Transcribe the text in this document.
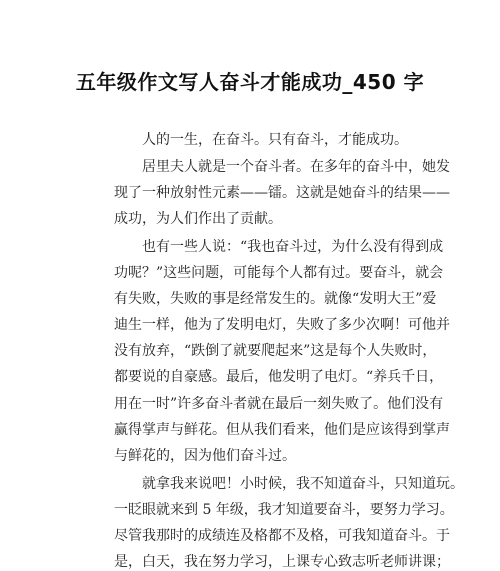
五年级作文写人奋斗才能成功_450 字
人的一生，在奋斗。只有奋斗，才能成功。
居里夫人就是一个奋斗者。在多年的奋斗中，她发
现了一种放射性元素——镭。这就是她奋斗的结果——
成功，为人们作出了贡献。
也有一些人说：“我也奋斗过，为什么没有得到成
功呢？”这些问题，可能每个人都有过。要奋斗，就会
有失败，失败的事是经常发生的。就像“发明大王”爱
迪生一样，他为了发明电灯，失败了多少次啊！可他并
没有放弃，“跌倒了就要爬起来”这是每个人失败时，
都要说的自豪感。最后，他发明了电灯。“养兵千日，
用在一时”许多奋斗者就在最后一刻失败了。他们没有
赢得掌声与鲜花。但从我们看来，他们是应该得到掌声
与鲜花的，因为他们奋斗过。
就拿我来说吧！小时候，我不知道奋斗，只知道玩。
一眨眼就来到 5 年级，我才知道要奋斗，要努力学习。
尽管我那时的成绩连及格都不及格，可我知道奋斗。于
是，白天，我在努力学习，上课专心致志听老师讲课；
